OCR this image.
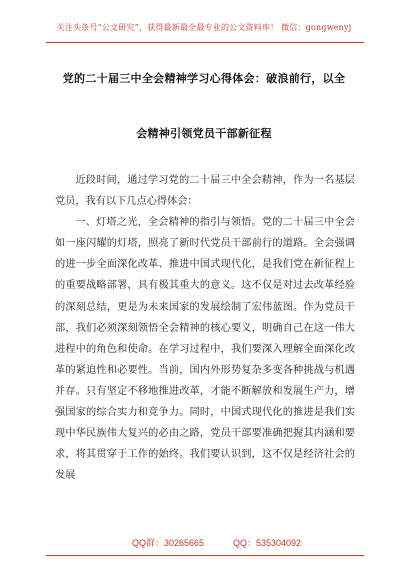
关注头条号“公文研究”，获得最新最全最专业的公文资料库！ 微信：gongwenyj
党的二十届三中全会精神学习心得体会：破浪前行，以全
会精神引领党员干部新征程

近段时间，通过学习党的二十届三中全会精神，作为一名基层党员，我有以下几点心得体会：

一、灯塔之光，全会精神的指引与领悟。党的二十届三中全会如一座闪耀的灯塔，照亮了新时代党员干部前行的道路。全会强调的进一步全面深化改革、推进中国式现代化，是我们党在新征程上的重要战略部署，具有极其重大的意义。这不仅是对过去改革经验的深刻总结，更是为未来国家的发展绘制了宏伟蓝图。作为党员干部，我们必须深刻领悟全会精神的核心要义，明确自己在这一伟大进程中的角色和使命。在学习过程中，我们要深入理解全面深化改革的紧迫性和必要性。当前，国内外形势复杂多变各种挑战与机遇并存。只有坚定不移地推进改革，才能不断解放和发展生产力，增强国家的综合实力和竞争力。同时，中国式现代化的推进是我们实现中华民族伟大复兴的必由之路，党员干部要准确把握其内涵和要求，将其贯穿于工作的始终。我们要认识到，这不仅是经济社会的发展

QQ群：30265665	QQ：535304092
